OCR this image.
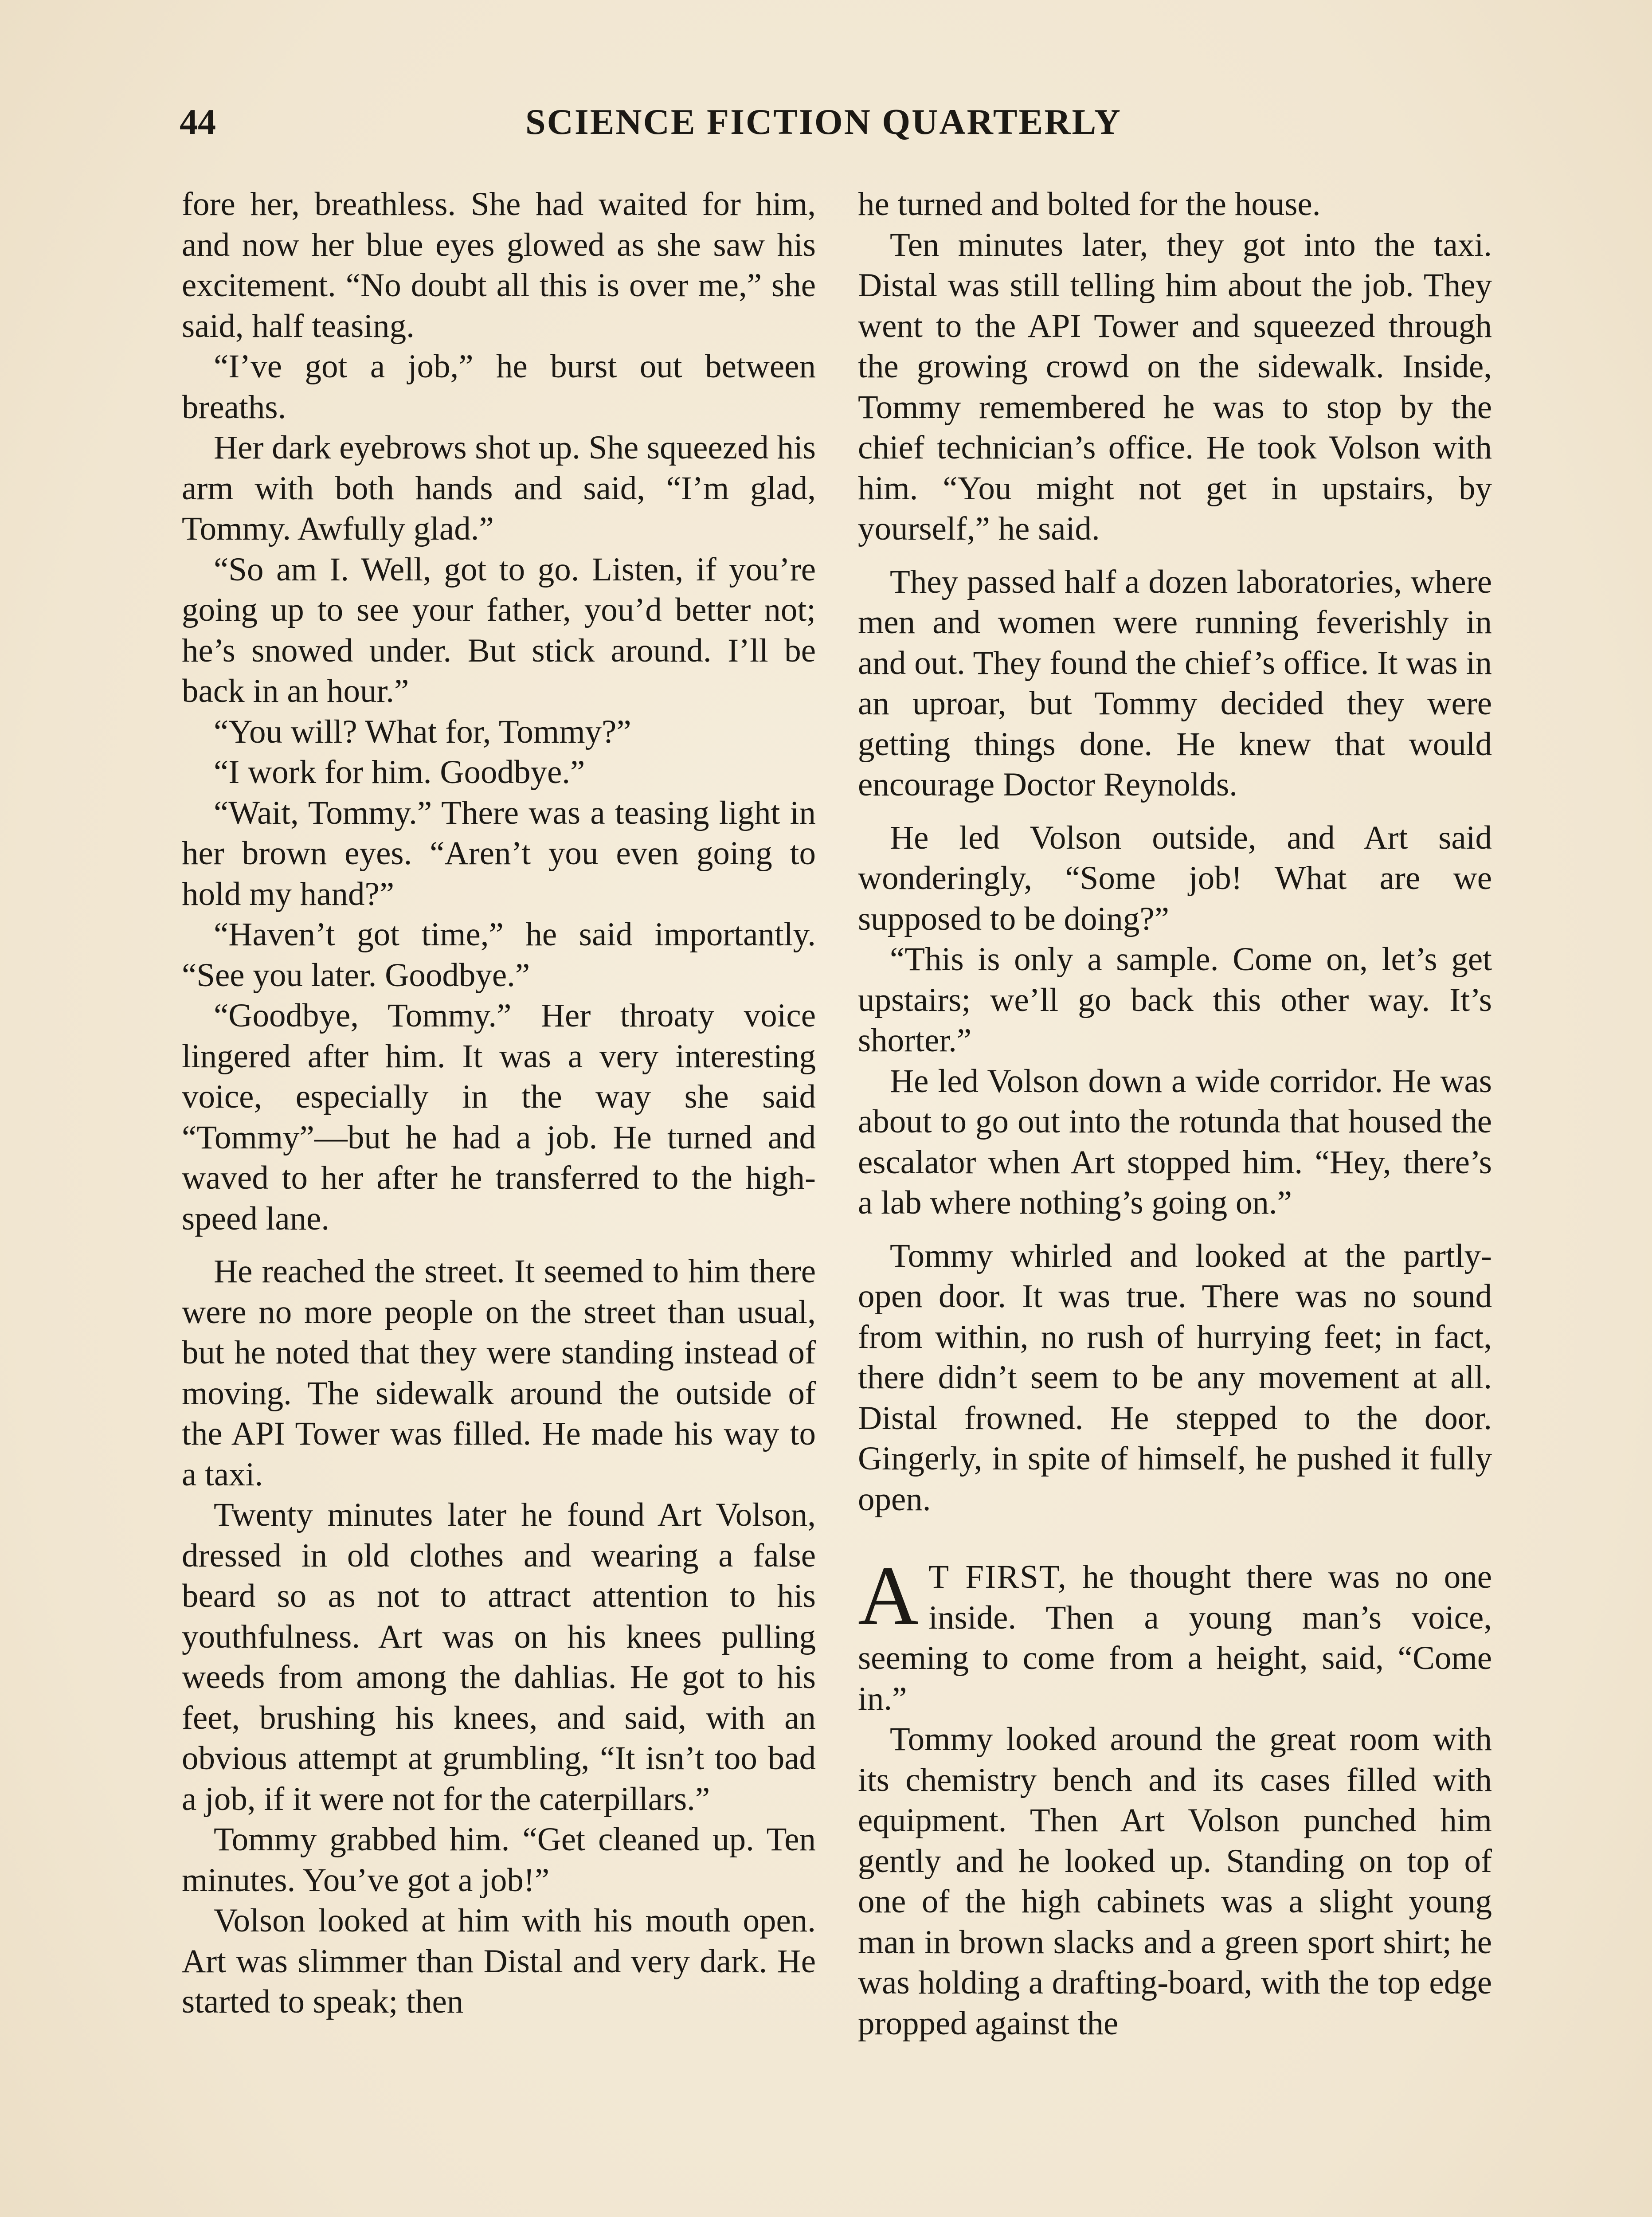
44	SCIENCE FICTION QUARTERLY

fore her, breathless. She had waited for him, and now her blue eyes glowed as she saw his excitement. “No doubt all this is over me,” she said, half teasing.

“I’ve got a job,” he burst out between breaths.

Her dark eyebrows shot up. She squeezed his arm with both hands and said, “I’m glad, Tommy. Awfully glad.”

“So am I. Well, got to go. Listen, if you’re going up to see your father, you’d better not; he’s snowed under. But stick around. I’ll be back in an hour.”

“You will? What for, Tommy?”

“I work for him. Goodbye.”

“Wait, Tommy.” There was a teasing light in her brown eyes. “Aren’t you even going to hold my hand?”

“Haven’t got time,” he said importantly. “See you later. Goodbye.”

“Goodbye, Tommy.” Her throaty voice lingered after him. It was a very interesting voice, especially in the way she said “Tommy”—but he had a job. He turned and waved to her after he transferred to the high-speed lane.

He reached the street. It seemed to him there were no more people on the street than usual, but he noted that they were standing instead of moving. The sidewalk around the outside of the API Tower was filled. He made his way to a taxi.

Twenty minutes later he found Art Volson, dressed in old clothes and wearing a false beard so as not to attract attention to his youthfulness. Art was on his knees pulling weeds from among the dahlias. He got to his feet, brushing his knees, and said, with an obvious attempt at grumbling, “It isn’t too bad a job, if it were not for the caterpillars.”

Tommy grabbed him. “Get cleaned up. Ten minutes. You’ve got a job!”

Volson looked at him with his mouth open. Art was slimmer than Distal and very dark. He started to speak; then

he turned and bolted for the house.

Ten minutes later, they got into the taxi. Distal was still telling him about the job. They went to the API Tower and squeezed through the growing crowd on the sidewalk. Inside, Tommy remembered he was to stop by the chief technician’s office. He took Volson with him. “You might not get in upstairs, by yourself,” he said.

They passed half a dozen laboratories, where men and women were running feverishly in and out. They found the chief’s office. It was in an uproar, but Tommy decided they were getting things done. He knew that would encourage Doctor Reynolds.

He led Volson outside, and Art said wonderingly, “Some job! What are we supposed to be doing?”

“This is only a sample. Come on, let’s get upstairs; we’ll go back this other way. It’s shorter.”

He led Volson down a wide corridor. He was about to go out into the rotunda that housed the escalator when Art stopped him. “Hey, there’s a lab where nothing’s going on.”

Tommy whirled and looked at the partly-open door. It was true. There was no sound from within, no rush of hurrying feet; in fact, there didn’t seem to be any movement at all. Distal frowned. He stepped to the door. Gingerly, in spite of himself, he pushed it fully open.

A T FIRST, he thought there was no one inside. Then a young man’s voice, seeming to come from a height, said, “Come in.”

Tommy looked around the great room with its chemistry bench and its cases filled with equipment. Then Art Volson punched him gently and he looked up. Standing on top of one of the high cabinets was a slight young man in brown slacks and a green sport shirt; he was holding a drafting-board, with the top edge propped against the
